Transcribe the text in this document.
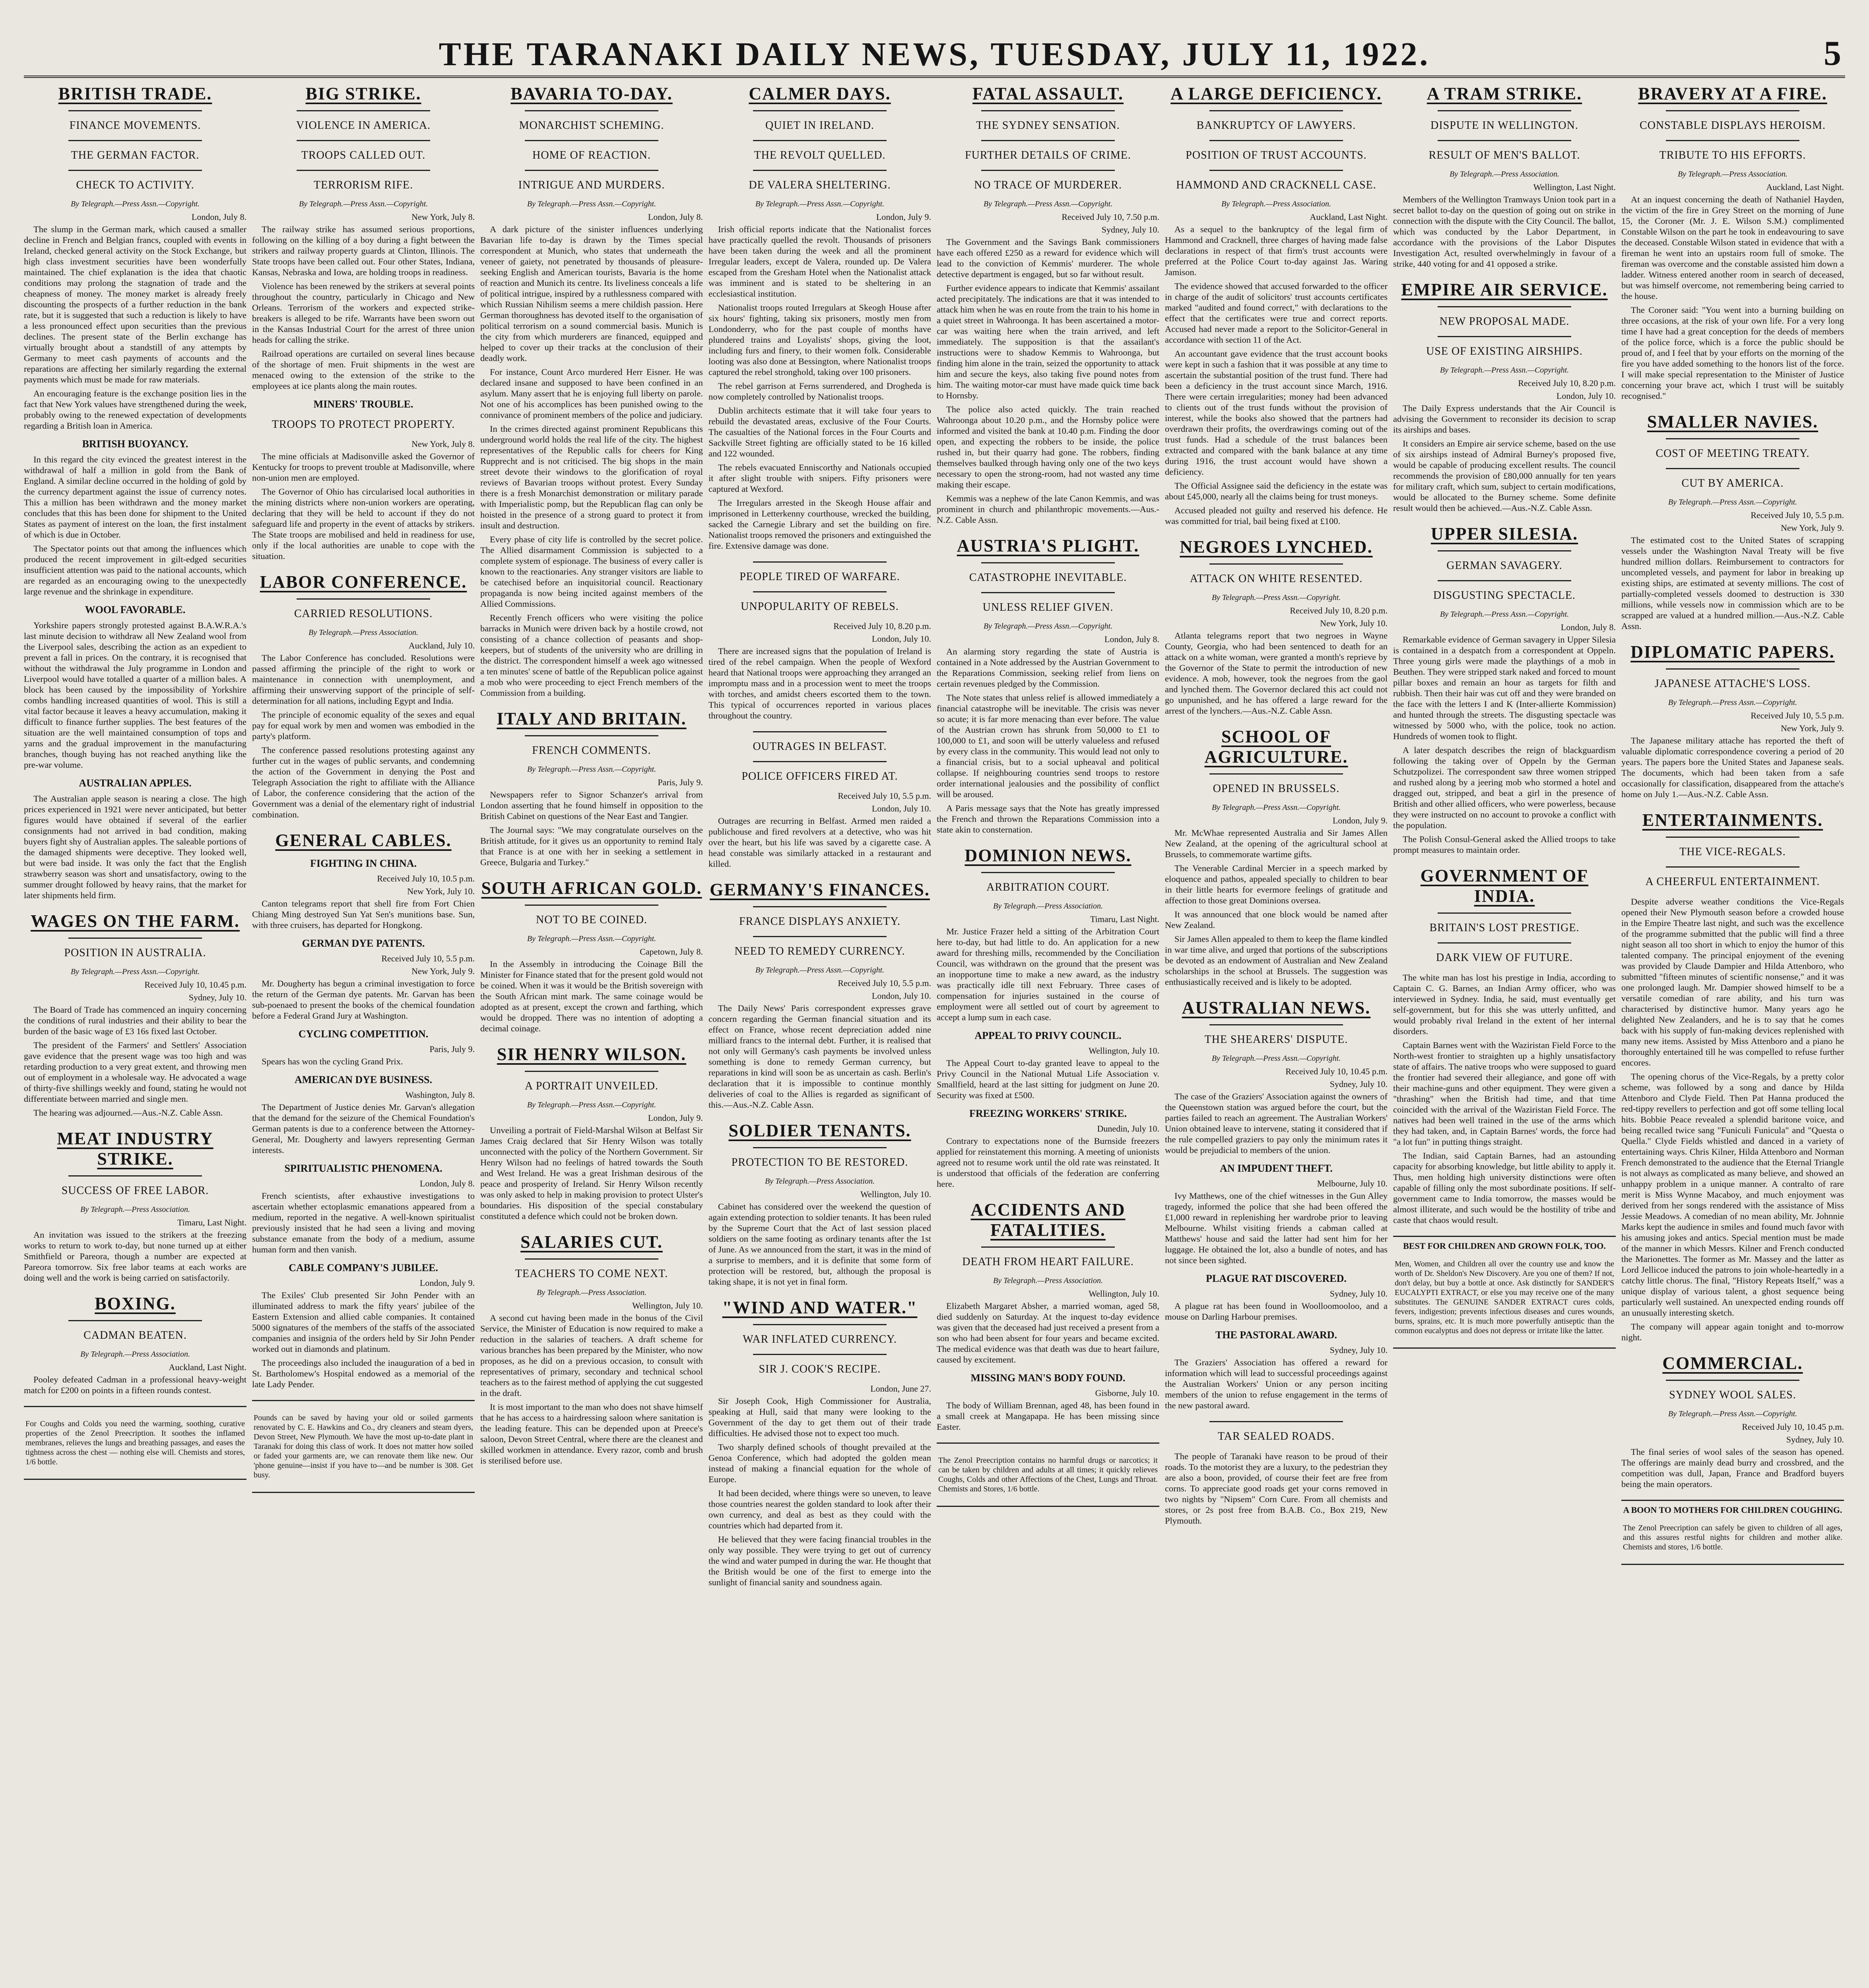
THE TARANAKI DAILY NEWS, TUESDAY, JULY 11, 1922.	5
BRITISH TRADE.
FINANCE MOVEMENTS.
THE GERMAN FACTOR.
CHECK TO ACTIVITY.
By Telegraph.—Press Assn.—Copyright.
London, July 8.

The slump in the German mark, which caused a smaller decline in French and Belgian francs, coupled with events in Ireland, checked general activity on the Stock Exchange, but high class investment securities have been wonderfully maintained. The chief explanation is the idea that chaotic conditions may prolong the stagnation of trade and the cheapness of money. The money market is already freely discounting the prospects of a further reduction in the bank rate, but it is suggested that such a reduction is likely to have a less pronounced effect upon securities than the previous declines. The present state of the Berlin exchange has virtually brought about a standstill of any attempts by Germany to meet cash payments of accounts and the reparations are affecting her similarly regarding the external payments which must be made for raw materials.

An encouraging feature is the exchange position lies in the fact that New York values have strengthened during the week, probably owing to the renewed expectation of developments regarding a British loan in America.

BRITISH BUOYANCY.

In this regard the city evinced the greatest interest in the withdrawal of half a million in gold from the Bank of England. A similar decline occurred in the holding of gold by the currency department against the issue of currency notes. This a million has been withdrawn and the money market concludes that this has been done for shipment to the United States as payment of interest on the loan, the first instalment of which is due in October.

The Spectator points out that among the influences which produced the recent improvement in gilt-edged securities insufficient attention was paid to the national accounts, which are regarded as an encouraging owing to the unexpectedly large revenue and the shrinkage in expenditure.

WOOL FAVORABLE.

Yorkshire papers strongly protested against B.A.W.R.A.'s last minute decision to withdraw all New Zealand wool from the Liverpool sales, describing the action as an expedient to prevent a fall in prices. On the contrary, it is recognised that without the withdrawal the July programme in London and Liverpool would have totalled a quarter of a million bales. A block has been caused by the impossibility of Yorkshire combs handling increased quantities of wool. This is still a vital factor because it leaves a heavy accumulation, making it difficult to finance further supplies. The best features of the situation are the well maintained consumption of tops and yarns and the gradual improvement in the manufacturing branches, though buying has not reached anything like the pre-war volume.

AUSTRALIAN APPLES.

The Australian apple season is nearing a close. The high prices experienced in 1921 were never anticipated, but better figures would have obtained if several of the earlier consignments had not arrived in bad condition, making buyers fight shy of Australian apples. The saleable portions of the damaged shipments were deceptive. They looked well, but were bad inside. It was only the fact that the English strawberry season was short and unsatisfactory, owing to the summer drought followed by heavy rains, that the market for later shipments held firm.

WAGES ON THE FARM.
POSITION IN AUSTRALIA.
By Telegraph.—Press Assn.—Copyright.
Received July 10, 10.45 p.m.
Sydney, July 10.

The Board of Trade has commenced an inquiry concerning the conditions of rural industries and their ability to bear the burden of the basic wage of £3 16s fixed last October.

The president of the Farmers' and Settlers' Association gave evidence that the present wage was too high and was retarding production to a very great extent, and throwing men out of employment in a wholesale way. He advocated a wage of thirty-five shillings weekly and found, stating he would not differentiate between married and single men.

The hearing was adjourned.—Aus.-N.Z. Cable Assn.

MEAT INDUSTRY STRIKE.
SUCCESS OF FREE LABOR.
By Telegraph.—Press Association.
Timaru, Last Night.

An invitation was issued to the strikers at the freezing works to return to work to-day, but none turned up at either Smithfield or Pareora, though a number are expected at Pareora tomorrow. Six free labor teams at each works are doing well and the work is being carried on satisfactorily.

BOXING.
CADMAN BEATEN.
By Telegraph.—Press Association.
Auckland, Last Night.

Pooley defeated Cadman in a professional heavy-weight match for £200 on points in a fifteen rounds contest.

For Coughs and Colds you need the warming, soothing, curative properties of the Zenol Preecription. It soothes the inflamed membranes, relieves the lungs and breathing passages, and eases the tightness across the chest — nothing else will. Chemists and stores, 1/6 bottle.

BIG STRIKE.
VIOLENCE IN AMERICA.
TROOPS CALLED OUT.
TERRORISM RIFE.
By Telegraph.—Press Assn.—Copyright.
New York, July 8.

The railway strike has assumed serious proportions, following on the killing of a boy during a fight between the strikers and railway property guards at Clinton, Illinois. The State troops have been called out. Four other States, Indiana, Kansas, Nebraska and Iowa, are holding troops in readiness.

Violence has been renewed by the strikers at several points throughout the country, particularly in Chicago and New Orleans. Terrorism of the workers and expected strike-breakers is alleged to be rife. Warrants have been sworn out in the Kansas Industrial Court for the arrest of three union heads for calling the strike.

Railroad operations are curtailed on several lines because of the shortage of men. Fruit shipments in the west are menaced owing to the extension of the strike to the employees at ice plants along the main routes.

MINERS' TROUBLE.
TROOPS TO PROTECT PROPERTY.
New York, July 8.

The mine officials at Madisonville asked the Governor of Kentucky for troops to prevent trouble at Madisonville, where non-union men are employed.

The Governor of Ohio has circularised local authorities in the mining districts where non-union workers are operating, declaring that they will be held to account if they do not safeguard life and property in the event of attacks by strikers. The State troops are mobilised and held in readiness for use, only if the local authorities are unable to cope with the situation.

LABOR CONFERENCE.
CARRIED RESOLUTIONS.
By Telegraph.—Press Association.
Auckland, July 10.

The Labor Conference has concluded. Resolutions were passed affirming the principle of the right to work or maintenance in connection with unemployment, and affirming their unswerving support of the principle of self-determination for all nations, including Egypt and India.

The principle of economic equality of the sexes and equal pay for equal work by men and women was embodied in the party's platform.

The conference passed resolutions protesting against any further cut in the wages of public servants, and condemning the action of the Government in denying the Post and Telegraph Association the right to affiliate with the Alliance of Labor, the conference considering that the action of the Government was a denial of the elementary right of industrial combination.

GENERAL CABLES.
FIGHTING IN CHINA.
Received July 10, 10.5 p.m.
New York, July 10.

Canton telegrams report that shell fire from Fort Chien Chiang Ming destroyed Sun Yat Sen's munitions base. Sun, with three cruisers, has departed for Hongkong.

GERMAN DYE PATENTS.
Received July 10, 5.5 p.m.
New York, July 9.

Mr. Dougherty has begun a criminal investigation to force the return of the German dye patents. Mr. Garvan has been sub-poenaed to present the books of the chemical foundation before a Federal Grand Jury at Washington.

CYCLING COMPETITION.
Paris, July 9.

Spears has won the cycling Grand Prix.

AMERICAN DYE BUSINESS.
Washington, July 8.

The Department of Justice denies Mr. Garvan's allegation that the demand for the seizure of the Chemical Foundation's German patents is due to a conference between the Attorney-General, Mr. Dougherty and lawyers representing German interests.

SPIRITUALISTIC PHENOMENA.
London, July 8.

French scientists, after exhaustive investigations to ascertain whether ectoplasmic emanations appeared from a medium, reported in the negative. A well-known spiritualist previously insisted that he had seen a living and moving substance emanate from the body of a medium, assume human form and then vanish.

CABLE COMPANY'S JUBILEE.
London, July 9.

The Exiles' Club presented Sir John Pender with an illuminated address to mark the fifty years' jubilee of the Eastern Extension and allied cable companies. It contained 5000 signatures of the members of the staffs of the associated companies and insignia of the orders held by Sir John Pender worked out in diamonds and platinum.

The proceedings also included the inauguration of a bed in St. Bartholomew's Hospital endowed as a memorial of the late Lady Pender.

Pounds can be saved by having your old or soiled garments renovated by C. E. Hawkins and Co., dry cleaners and steam dyers, Devon Street, New Plymouth. We have the most up-to-date plant in Taranaki for doing this class of work. It does not matter how soiled or faded your garments are, we can renovate them like new. Our 'phone genuine—insist if you have to—and be number is 308. Get busy.

BAVARIA TO-DAY.
MONARCHIST SCHEMING.
HOME OF REACTION.
INTRIGUE AND MURDERS.
By Telegraph.—Press Assn.—Copyright.
London, July 8.

A dark picture of the sinister influences underlying Bavarian life to-day is drawn by the Times special correspondent at Munich, who states that underneath the veneer of gaiety, not penetrated by thousands of pleasure-seeking English and American tourists, Bavaria is the home of reaction and Munich its centre. Its liveliness conceals a life of political intrigue, inspired by a ruthlessness compared with which Russian Nihilism seems a mere childish passion. Here German thoroughness has devoted itself to the organisation of political terrorism on a sound commercial basis. Munich is the city from which murderers are financed, equipped and helped to cover up their tracks at the conclusion of their deadly work.

For instance, Count Arco murdered Herr Eisner. He was declared insane and supposed to have been confined in an asylum. Many assert that he is enjoying full liberty on parole. Not one of his accomplices has been punished owing to the connivance of prominent members of the police and judiciary.

In the crimes directed against prominent Republicans this underground world holds the real life of the city. The highest representatives of the Republic calls for cheers for King Rupprecht and is not criticised. The big shops in the main street devote their windows to the glorification of royal reviews of Bavarian troops without protest. Every Sunday there is a fresh Monarchist demonstration or military parade with Imperialistic pomp, but the Republican flag can only be hoisted in the presence of a strong guard to protect it from insult and destruction.

Every phase of city life is controlled by the secret police. The Allied disarmament Commission is subjected to a complete system of espionage. The business of every caller is known to the reactionaries. Any stranger visitors are liable to be catechised before an inquisitorial council. Reactionary propaganda is now being incited against members of the Allied Commissions.

Recently French officers who were visiting the police barracks in Munich were driven back by a hostile crowd, not consisting of a chance collection of peasants and shop-keepers, but of students of the university who are drilling in the district. The correspondent himself a week ago witnessed a ten minutes' scene of battle of the Republican police against a mob who were proceeding to eject French members of the Commission from a building.

ITALY AND BRITAIN.
FRENCH COMMENTS.
By Telegraph.—Press Assn.—Copyright.
Paris, July 9.

Newspapers refer to Signor Schanzer's arrival from London asserting that he found himself in opposition to the British Cabinet on questions of the Near East and Tangier.

The Journal says: "We may congratulate ourselves on the British attitude, for it gives us an opportunity to remind Italy that France is at one with her in seeking a settlement in Greece, Bulgaria and Turkey."

SOUTH AFRICAN GOLD.
NOT TO BE COINED.
By Telegraph.—Press Assn.—Copyright.
Capetown, July 8.

In the Assembly in introducing the Coinage Bill the Minister for Finance stated that for the present gold would not be coined. When it was it would be the British sovereign with the South African mint mark. The same coinage would be adopted as at present, except the crown and farthing, which would be dropped. There was no intention of adopting a decimal coinage.

SIR HENRY WILSON.
A PORTRAIT UNVEILED.
By Telegraph.—Press Assn.—Copyright.
London, July 9.

Unveiling a portrait of Field-Marshal Wilson at Belfast Sir James Craig declared that Sir Henry Wilson was totally unconnected with the policy of the Northern Government. Sir Henry Wilson had no feelings of hatred towards the South and West Ireland. He was a great Irishman desirous of the peace and prosperity of Ireland. Sir Henry Wilson recently was only asked to help in making provision to protect Ulster's boundaries. His disposition of the special constabulary constituted a defence which could not be broken down.

SALARIES CUT.
TEACHERS TO COME NEXT.
By Telegraph.—Press Association.
Wellington, July 10.

A second cut having been made in the bonus of the Civil Service, the Minister of Education is now required to make a reduction in the salaries of teachers. A draft scheme for various branches has been prepared by the Minister, who now proposes, as he did on a previous occasion, to consult with representatives of primary, secondary and technical school teachers as to the fairest method of applying the cut suggested in the draft.

It is most important to the man who does not shave himself that he has access to a hairdressing saloon where sanitation is the leading feature. This can be depended upon at Preece's saloon, Devon Street Central, where there are the cleanest and skilled workmen in attendance. Every razor, comb and brush is sterilised before use.

CALMER DAYS.
QUIET IN IRELAND.
THE REVOLT QUELLED.
DE VALERA SHELTERING.
By Telegraph.—Press Assn.—Copyright.
London, July 9.

Irish official reports indicate that the Nationalist forces have practically quelled the revolt. Thousands of prisoners have been taken during the week and all the prominent Irregular leaders, except de Valera, rounded up. De Valera escaped from the Gresham Hotel when the Nationalist attack was imminent and is stated to be sheltering in an ecclesiastical institution.

Nationalist troops routed Irregulars at Skeogh House after six hours' fighting, taking six prisoners, mostly men from Londonderry, who for the past couple of months have plundered trains and Loyalists' shops, giving the loot, including furs and finery, to their women folk. Considerable looting was also done at Bessington, where Nationalist troops captured the rebel stronghold, taking over 100 prisoners.

The rebel garrison at Ferns surrendered, and Drogheda is now completely controlled by Nationalist troops.

Dublin architects estimate that it will take four years to rebuild the devastated areas, exclusive of the Four Courts. The casualties of the National forces in the Four Courts and Sackville Street fighting are officially stated to be 16 killed and 122 wounded.

The rebels evacuated Enniscorthy and Nationals occupied it after slight trouble with snipers. Fifty prisoners were captured at Wexford.

The Irregulars arrested in the Skeogh House affair and imprisoned in Letterkenny courthouse, wrecked the building, sacked the Carnegie Library and set the building on fire. Nationalist troops removed the prisoners and extinguished the fire. Extensive damage was done.

PEOPLE TIRED OF WARFARE.
UNPOPULARITY OF REBELS.
Received July 10, 8.20 p.m.
London, July 10.

There are increased signs that the population of Ireland is tired of the rebel campaign. When the people of Wexford heard that National troops were approaching they arranged an impromptu mass and in a procession went to meet the troops with torches, and amidst cheers escorted them to the town. This typical of occurrences reported in various places throughout the country.

OUTRAGES IN BELFAST.
POLICE OFFICERS FIRED AT.
Received July 10, 5.5 p.m.
London, July 10.

Outrages are recurring in Belfast. Armed men raided a publichouse and fired revolvers at a detective, who was hit over the heart, but his life was saved by a cigarette case. A head constable was similarly attacked in a restaurant and killed.

GERMANY'S FINANCES.
FRANCE DISPLAYS ANXIETY.
NEED TO REMEDY CURRENCY.
By Telegraph.—Press Assn.—Copyright.
Received July 10, 5.5 p.m.
London, July 10.

The Daily News' Paris correspondent expresses grave concern regarding the German financial situation and its effect on France, whose recent depreciation added nine milliard francs to the internal debt. Further, it is realised that not only will Germany's cash payments be involved unless something is done to remedy German currency, but reparations in kind will soon be as uncertain as cash. Berlin's declaration that it is impossible to continue monthly deliveries of coal to the Allies is regarded as significant of this.—Aus.-N.Z. Cable Assn.

SOLDIER TENANTS.
PROTECTION TO BE RESTORED.
By Telegraph.—Press Association.
Wellington, July 10.

Cabinet has considered over the weekend the question of again extending protection to soldier tenants. It has been ruled by the Supreme Court that the Act of last session placed soldiers on the same footing as ordinary tenants after the 1st of June. As we announced from the start, it was in the mind of a surprise to members, and it is definite that some form of protection will be restored, but, although the proposal is taking shape, it is not yet in final form.

"WIND AND WATER."
WAR INFLATED CURRENCY.
SIR J. COOK'S RECIPE.
London, June 27.

Sir Joseph Cook, High Commissioner for Australia, speaking at Hull, said that many were looking to the Government of the day to get them out of their trade difficulties. He advised those not to expect too much.

Two sharply defined schools of thought prevailed at the Genoa Conference, which had adopted the golden mean instead of making a financial equation for the whole of Europe.

It had been decided, where things were so uneven, to leave those countries nearest the golden standard to look after their own currency, and deal as best as they could with the countries which had departed from it.

He believed that they were facing financial troubles in the only way possible. They were trying to get out of currency the wind and water pumped in during the war. He thought that the British would be one of the first to emerge into the sunlight of financial sanity and soundness again.

FATAL ASSAULT.
THE SYDNEY SENSATION.
FURTHER DETAILS OF CRIME.
NO TRACE OF MURDERER.
By Telegraph.—Press Assn.—Copyright.
Received July 10, 7.50 p.m.
Sydney, July 10.

The Government and the Savings Bank commissioners have each offered £250 as a reward for evidence which will lead to the conviction of Kemmis' murderer. The whole detective department is engaged, but so far without result.

Further evidence appears to indicate that Kemmis' assailant acted precipitately. The indications are that it was intended to attack him when he was en route from the train to his home in a quiet street in Wahroonga. It has been ascertained a motor-car was waiting here when the train arrived, and left immediately. The supposition is that the assailant's instructions were to shadow Kemmis to Wahroonga, but finding him alone in the train, seized the opportunity to attack him and secure the keys, also taking five pound notes from him. The waiting motor-car must have made quick time back to Hornsby.

The police also acted quickly. The train reached Wahroonga about 10.20 p.m., and the Hornsby police were informed and visited the bank at 10.40 p.m. Finding the door open, and expecting the robbers to be inside, the police rushed in, but their quarry had gone. The robbers, finding themselves baulked through having only one of the two keys necessary to open the strong-room, had not wasted any time making their escape.

Kemmis was a nephew of the late Canon Kemmis, and was prominent in church and philanthropic movements.—Aus.-N.Z. Cable Assn.

AUSTRIA'S PLIGHT.
CATASTROPHE INEVITABLE.
UNLESS RELIEF GIVEN.
By Telegraph.—Press Assn.—Copyright.
London, July 8.

An alarming story regarding the state of Austria is contained in a Note addressed by the Austrian Government to the Reparations Commission, seeking relief from liens on certain revenues pledged by the Commission.

The Note states that unless relief is allowed immediately a financial catastrophe will be inevitable. The crisis was never so acute; it is far more menacing than ever before. The value of the Austrian crown has shrunk from 50,000 to £1 to 100,000 to £1, and soon will be utterly valueless and refused by every class in the community. This would lead not only to a financial crisis, but to a social upheaval and political collapse. If neighbouring countries send troops to restore order international jealousies and the possibility of conflict will be aroused.

A Paris message says that the Note has greatly impressed the French and thrown the Reparations Commission into a state akin to consternation.

DOMINION NEWS.
ARBITRATION COURT.
By Telegraph.—Press Association.
Timaru, Last Night.

Mr. Justice Frazer held a sitting of the Arbitration Court here to-day, but had little to do. An application for a new award for threshing mills, recommended by the Conciliation Council, was withdrawn on the ground that the present was an inopportune time to make a new award, as the industry was practically idle till next February. Three cases of compensation for injuries sustained in the course of employment were all settled out of court by agreement to accept a lump sum in each case.

APPEAL TO PRIVY COUNCIL.
Wellington, July 10.

The Appeal Court to-day granted leave to appeal to the Privy Council in the National Mutual Life Association v. Smallfield, heard at the last sitting for judgment on June 20. Security was fixed at £500.

FREEZING WORKERS' STRIKE.
Dunedin, July 10.

Contrary to expectations none of the Burnside freezers applied for reinstatement this morning. A meeting of unionists agreed not to resume work until the old rate was reinstated. It is understood that officials of the federation are conferring here.

ACCIDENTS AND FATALITIES.
DEATH FROM HEART FAILURE.
By Telegraph.—Press Association.
Wellington, July 10.

Elizabeth Margaret Absher, a married woman, aged 58, died suddenly on Saturday. At the inquest to-day evidence was given that the deceased had just received a present from a son who had been absent for four years and became excited. The medical evidence was that death was due to heart failure, caused by excitement.

MISSING MAN'S BODY FOUND.
Gisborne, July 10.

The body of William Brennan, aged 48, has been found in a small creek at Mangapapa. He has been missing since Easter.

The Zenol Preecription contains no harmful drugs or narcotics; it can be taken by children and adults at all times; it quickly relieves Coughs, Colds and other Affections of the Chest, Lungs and Throat. Chemists and Stores, 1/6 bottle.

A LARGE DEFICIENCY.
BANKRUPTCY OF LAWYERS.
POSITION OF TRUST ACCOUNTS.
HAMMOND AND CRACKNELL CASE.
By Telegraph.—Press Association.
Auckland, Last Night.

As a sequel to the bankruptcy of the legal firm of Hammond and Cracknell, three charges of having made false declarations in respect of that firm's trust accounts were preferred at the Police Court to-day against Jas. Waring Jamison.

The evidence showed that accused forwarded to the officer in charge of the audit of solicitors' trust accounts certificates marked "audited and found correct," with declarations to the effect that the certificates were true and correct reports. Accused had never made a report to the Solicitor-General in accordance with section 11 of the Act.

An accountant gave evidence that the trust account books were kept in such a fashion that it was possible at any time to ascertain the substantial position of the trust fund. There had been a deficiency in the trust account since March, 1916. There were certain irregularities; money had been advanced to clients out of the trust funds without the provision of interest, while the books also showed that the partners had overdrawn their profits, the overdrawings coming out of the trust funds. Had a schedule of the trust balances been extracted and compared with the bank balance at any time during 1916, the trust account would have shown a deficiency.

The Official Assignee said the deficiency in the estate was about £45,000, nearly all the claims being for trust moneys.

Accused pleaded not guilty and reserved his defence. He was committed for trial, bail being fixed at £100.

NEGROES LYNCHED.
ATTACK ON WHITE RESENTED.
By Telegraph.—Press Assn.—Copyright.
Received July 10, 8.20 p.m.
New York, July 10.

Atlanta telegrams report that two negroes in Wayne County, Georgia, who had been sentenced to death for an attack on a white woman, were granted a month's reprieve by the Governor of the State to permit the introduction of new evidence. A mob, however, took the negroes from the gaol and lynched them. The Governor declared this act could not go unpunished, and he has offered a large reward for the arrest of the lynchers.—Aus.-N.Z. Cable Assn.

SCHOOL OF AGRICULTURE.
OPENED IN BRUSSELS.
By Telegraph.—Press Assn.—Copyright.
London, July 9.

Mr. McWhae represented Australia and Sir James Allen New Zealand, at the opening of the agricultural school at Brussels, to commemorate wartime gifts.

The Venerable Cardinal Mercier in a speech marked by eloquence and pathos, appealed specially to children to bear in their little hearts for evermore feelings of gratitude and affection to those great Dominions oversea.

It was announced that one block would be named after New Zealand.

Sir James Allen appealed to them to keep the flame kindled in war time alive, and urged that portions of the subscriptions be devoted as an endowment of Australian and New Zealand scholarships in the school at Brussels. The suggestion was enthusiastically received and is likely to be adopted.

AUSTRALIAN NEWS.
THE SHEARERS' DISPUTE.
By Telegraph.—Press Assn.—Copyright.
Received July 10, 10.45 p.m.
Sydney, July 10.

The case of the Graziers' Association against the owners of the Queenstown station was argued before the court, but the parties failed to reach an agreement. The Australian Workers' Union obtained leave to intervene, stating it considered that if the rule compelled graziers to pay only the minimum rates it would be prejudicial to members of the union.

AN IMPUDENT THEFT.
Melbourne, July 10.

Ivy Matthews, one of the chief witnesses in the Gun Alley tragedy, informed the police that she had been offered the £1,000 reward in replenishing her wardrobe prior to leaving Melbourne. Whilst visiting friends a cabman called at Matthews' house and said the latter had sent him for her luggage. He obtained the lot, also a bundle of notes, and has not since been sighted.

PLAGUE RAT DISCOVERED.
Sydney, July 10.

A plague rat has been found in Woolloomooloo, and a mouse on Darling Harbour premises.

THE PASTORAL AWARD.
Sydney, July 10.

The Graziers' Association has offered a reward for information which will lead to successful proceedings against the Australian Workers' Union or any person inciting members of the union to refuse engagement in the terms of the new pastoral award.

TAR SEALED ROADS.

The people of Taranaki have reason to be proud of their roads. To the motorist they are a luxury, to the pedestrian they are also a boon, provided, of course their feet are free from corns. To appreciate good roads get your corns removed in two nights by "Nipsem" Corn Cure. From all chemists and stores, or 2s post free from B.A.B. Co., Box 219, New Plymouth.

A TRAM STRIKE.
DISPUTE IN WELLINGTON.
RESULT OF MEN'S BALLOT.
By Telegraph.—Press Association.
Wellington, Last Night.

Members of the Wellington Tramways Union took part in a secret ballot to-day on the question of going out on strike in connection with the dispute with the City Council. The ballot, which was conducted by the Labor Department, in accordance with the provisions of the Labor Disputes Investigation Act, resulted overwhelmingly in favour of a strike, 440 voting for and 41 opposed a strike.

EMPIRE AIR SERVICE.
NEW PROPOSAL MADE.
USE OF EXISTING AIRSHIPS.
By Telegraph.—Press Assn.—Copyright.
Received July 10, 8.20 p.m.
London, July 10.

The Daily Express understands that the Air Council is advising the Government to reconsider its decision to scrap its airships and bases.

It considers an Empire air service scheme, based on the use of six airships instead of Admiral Burney's proposed five, would be capable of producing excellent results. The council recommends the provision of £80,000 annually for ten years for military craft, which sum, subject to certain modifications, would be allocated to the Burney scheme. Some definite result would then be achieved.—Aus.-N.Z. Cable Assn.

UPPER SILESIA.
GERMAN SAVAGERY.
DISGUSTING SPECTACLE.
By Telegraph.—Press Assn.—Copyright.
London, July 8.

Remarkable evidence of German savagery in Upper Silesia is contained in a despatch from a correspondent at Oppeln. Three young girls were made the playthings of a mob in Beuthen. They were stripped stark naked and forced to mount pillar boxes and remain an hour as targets for filth and rubbish. Then their hair was cut off and they were branded on the face with the letters I and K (Inter-allierte Kommission) and hunted through the streets. The disgusting spectacle was witnessed by 5000 who, with the police, took no action. Hundreds of women took to flight.

A later despatch describes the reign of blackguardism following the taking over of Oppeln by the German Schutzpolizei. The correspondent saw three women stripped and rushed along by a jeering mob who stormed a hotel and dragged out, stripped, and beat a girl in the presence of British and other allied officers, who were powerless, because they were instructed on no account to provoke a conflict with the population.

The Polish Consul-General asked the Allied troops to take prompt measures to maintain order.

GOVERNMENT OF INDIA.
BRITAIN'S LOST PRESTIGE.
DARK VIEW OF FUTURE.

The white man has lost his prestige in India, according to Captain C. G. Barnes, an Indian Army officer, who was interviewed in Sydney. India, he said, must eventually get self-government, but for this she was utterly unfitted, and would probably rival Ireland in the extent of her internal disorders.

Captain Barnes went with the Waziristan Field Force to the North-west frontier to straighten up a highly unsatisfactory state of affairs. The native troops who were supposed to guard the frontier had severed their allegiance, and gone off with their machine-guns and other equipment. They were given a "thrashing" when the British had time, and that time coincided with the arrival of the Waziristan Field Force. The natives had been well trained in the use of the arms which they had taken, and, in Captain Barnes' words, the force had "a lot fun" in putting things straight.

The Indian, said Captain Barnes, had an astounding capacity for absorbing knowledge, but little ability to apply it. Thus, men holding high university distinctions were often capable of filling only the most subordinate positions. If self-government came to India tomorrow, the masses would be almost illiterate, and such would be the hostility of tribe and caste that chaos would result.

BEST FOR CHILDREN AND GROWN FOLK, TOO.

Men, Women, and Children all over the country use and know the worth of Dr. Sheldon's New Discovery. Are you one of them? If not, don't delay, but buy a bottle at once. Ask distinctly for SANDER'S EUCALYPTI EXTRACT, or else you may receive one of the many substitutes. The GENUINE SANDER EXTRACT cures colds, fevers, indigestion; prevents infectious diseases and cures wounds, burns, sprains, etc. It is much more powerfully antiseptic than the common eucalyptus and does not depress or irritate like the latter.

BRAVERY AT A FIRE.
CONSTABLE DISPLAYS HEROISM.
TRIBUTE TO HIS EFFORTS.
By Telegraph.—Press Association.
Auckland, Last Night.

At an inquest concerning the death of Nathaniel Hayden, the victim of the fire in Grey Street on the morning of June 15, the Coroner (Mr. J. E. Wilson S.M.) complimented Constable Wilson on the part he took in endeavouring to save the deceased. Constable Wilson stated in evidence that with a fireman he went into an upstairs room full of smoke. The fireman was overcome and the constable assisted him down a ladder. Witness entered another room in search of deceased, but was himself overcome, not remembering being carried to the house.

The Coroner said: "You went into a burning building on three occasions, at the risk of your own life. For a very long time I have had a great conception for the deeds of members of the police force, which is a force the public should be proud of, and I feel that by your efforts on the morning of the fire you have added something to the honors list of the force. I will make special representation to the Minister of Justice concerning your brave act, which I trust will be suitably recognised."

SMALLER NAVIES.
COST OF MEETING TREATY.
CUT BY AMERICA.
By Telegraph.—Press Assn.—Copyright.
Received July 10, 5.5 p.m.
New York, July 9.

The estimated cost to the United States of scrapping vessels under the Washington Naval Treaty will be five hundred million dollars. Reimbursement to contractors for uncompleted vessels, and payment for labor in breaking up existing ships, are estimated at seventy millions. The cost of partially-completed vessels doomed to destruction is 330 millions, while vessels now in commission which are to be scrapped are valued at a hundred million.—Aus.-N.Z. Cable Assn.

DIPLOMATIC PAPERS.
JAPANESE ATTACHE'S LOSS.
By Telegraph.—Press Assn.—Copyright.
Received July 10, 5.5 p.m.
New York, July 9.

The Japanese military attache has reported the theft of valuable diplomatic correspondence covering a period of 20 years. The papers bore the United States and Japanese seals. The documents, which had been taken from a safe occasionally for classification, disappeared from the attache's home on July 1.—Aus.-N.Z. Cable Assn.

ENTERTAINMENTS.
THE VICE-REGALS.
A CHEERFUL ENTERTAINMENT.

Despite adverse weather conditions the Vice-Regals opened their New Plymouth season before a crowded house in the Empire Theatre last night, and such was the excellence of the programme submitted that the public will find a three night season all too short in which to enjoy the humor of this talented company. The principal enjoyment of the evening was provided by Claude Dampier and Hilda Attenboro, who submitted "fifteen minutes of scientific nonsense," and it was one prolonged laugh. Mr. Dampier showed himself to be a versatile comedian of rare ability, and his turn was characterised by distinctive humor. Many years ago he delighted New Zealanders, and he is to say that he comes back with his supply of fun-making devices replenished with many new items. Assisted by Miss Attenboro and a piano he thoroughly entertained till he was compelled to refuse further encores.

The opening chorus of the Vice-Regals, by a pretty color scheme, was followed by a song and dance by Hilda Attenboro and Clyde Field. Then Pat Hanna produced the red-tippy revellers to perfection and got off some telling local hits. Bobbie Peace revealed a splendid baritone voice, and being recalled twice sang "Funiculi Funicula" and "Questa o Quella." Clyde Fields whistled and danced in a variety of entertaining ways. Chris Kilner, Hilda Attenboro and Norman French demonstrated to the audience that the Eternal Triangle is not always as complicated as many believe, and showed an unhappy problem in a unique manner. A contralto of rare merit is Miss Wynne Macaboy, and much enjoyment was derived from her songs rendered with the assistance of Miss Jessie Meadows. A comedian of no mean ability, Mr. Johnnie Marks kept the audience in smiles and found much favor with his amusing jokes and antics. Special mention must be made of the manner in which Messrs. Kilner and French conducted the Marionettes. The former as Mr. Massey and the latter as Lord Jellicoe induced the patrons to join whole-heartedly in a catchy little chorus. The final, "History Repeats Itself," was a unique display of various talent, a ghost sequence being particularly well sustained. An unexpected ending rounds off an unusually interesting sketch.

The company will appear again tonight and to-morrow night.

COMMERCIAL.
SYDNEY WOOL SALES.
By Telegraph.—Press Assn.—Copyright.
Received July 10, 10.45 p.m.
Sydney, July 10.

The final series of wool sales of the season has opened. The offerings are mainly dead burry and crossbred, and the competition was dull, Japan, France and Bradford buyers being the main operators.

A BOON TO MOTHERS FOR CHILDREN COUGHING.

The Zenol Preecription can safely be given to children of all ages, and this assures restful nights for children and mother alike. Chemists and stores, 1/6 bottle.
